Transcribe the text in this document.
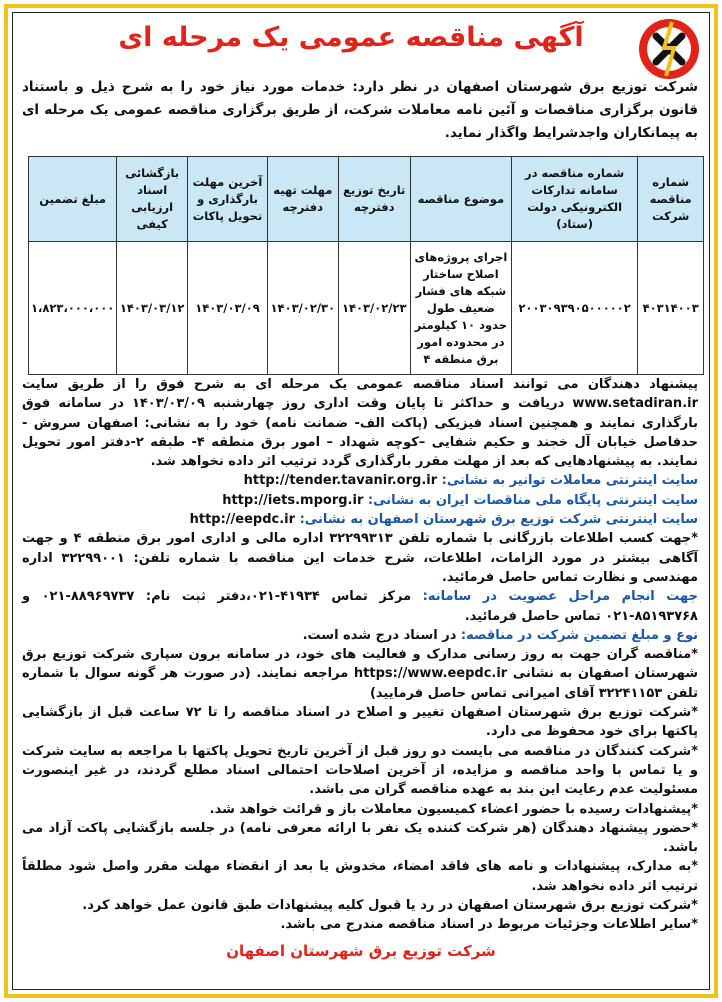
آگهی مناقصه عمومی یک مرحله ای
شرکت توزیع برق شهرستان اصفهان در نظر دارد: خدمات مورد نیاز خود را به شرح ذیل و باستناد قانون برگزاری مناقصات و آئین نامه معاملات شرکت، از طریق برگزاری مناقصه عمومی یک مرحله ای به پیمانکاران واجدشرایط واگذار نماید.
شماره مناقصه شرکت	شماره مناقصه در سامانه تدارکات الکترونیکی دولت (ستاد)	موضوع مناقصه	تاریخ توزیع دفترچه	مهلت تهیه دفترچه	آخرین مهلت بارگذاری و تحویل پاکات	بازگشائی اسناد ارزیابی کیفی	مبلغ تضمین
۴۰۳۱۴۰۰۳	۲۰۰۳۰۹۳۹۰۵۰۰۰۰۰۲	اجرای پروژه‌های اصلاح ساختار شبکه‌ های فشار ضعیف طول حدود ۱۰ کیلومتر در محدوده امور برق منطقه ۴	۱۴۰۳/۰۲/۲۳	۱۴۰۳/۰۲/۳۰	۱۴۰۳/۰۳/۰۹	۱۴۰۳/۰۳/۱۲	۱،۸۲۳،۰۰۰،۰۰۰

پیشنهاد دهندگان می توانند اسناد مناقصه عمومی یک مرحله ای به شرح فوق را از طریق سایت www.setadiran.ir دریافت و حداکثر تا پایان وقت اداری روز چهارشنبه ۱۴۰۳/۰۳/۰۹ در سامانه فوق بارگذاری نمایند و همچنین اسناد فیزیکی (پاکت الف- ضمانت نامه) خود را به نشانی: اصفهان سروش - حدفاصل خیابان آل خجند و حکیم شفایی –کوچه شهداد – امور برق منطقه ۴- طبقه ۲-دفتر امور تحویل نمایند. به پیشنهادهایی که بعد از مهلت مقرر بارگذاری گردد ترتیب اثر داده نخواهد شد.

سایت اینترنتی معاملات توانیر به نشانی: http://tender.tavanir.org.ir

سایت اینترنتی پایگاه ملی مناقصات ایران به نشانی: http://iets.mporg.ir

سایت اینترنتی شرکت توزیع برق شهرستان اصفهان به نشانی: http://eepdc.ir

*جهت کسب اطلاعات بازرگانی با شماره تلفن ۳۲۲۹۹۳۱۳ اداره مالی و اداری امور برق منطقه ۴ و جهت آگاهی بیشتر در مورد الزامات، اطلاعات، شرح خدمات این مناقصه با شماره تلفن: ۳۲۲۹۹۰۰۱ اداره مهندسی و نظارت تماس حاصل فرمائید.

جهت انجام مراحل عضویت در سامانه: مرکز تماس ۴۱۹۳۴-۰۲۱،دفتر ثبت نام: ۸۸۹۶۹۷۳۷-۰۲۱ و ۸۵۱۹۳۷۶۸-۰۲۱ تماس حاصل فرمائید.

نوع و مبلغ تضمین شرکت در مناقصه: در اسناد درج شده است.

*مناقصه گران جهت به روز رسانی مدارک و فعالیت های خود، در سامانه برون سپاری شرکت توزیع برق شهرستان اصفهان به نشانی https://www.eepdc.ir مراجعه نمایند. (در صورت هر گونه سوال با شماره تلفن ۳۲۲۴۱۱۵۳ آقای امیرانی تماس حاصل فرمایید)

*شرکت توزیع برق شهرستان اصفهان تغییر و اصلاح در اسناد مناقصه را تا ۷۲ ساعت قبل از بازگشایی پاکتها برای خود محفوظ می دارد.

*شرکت کنندگان در مناقصه می بایست دو روز قبل از آخرین تاریخ تحویل پاکتها با مراجعه به سایت شرکت و یا تماس با واحد مناقصه و مزایده، از آخرین اصلاحات احتمالی اسناد مطلع گردند، در غیر اینصورت مسئولیت عدم رعایت این بند به عهده مناقصه گران می باشد.

*پیشنهادات رسیده با حضور اعضاء کمیسیون معاملات باز و قرائت خواهد شد.

*حضور پیشنهاد دهندگان (هر شرکت کننده یک نفر با ارائه معرفی نامه) در جلسه بازگشایی پاکت آزاد می باشد.

*به مدارک، پیشنهادات و نامه های فاقد امضاء، مخدوش یا بعد از انقضاء مهلت مقرر واصل شود مطلقاً ترتیب اثر داده نخواهد شد.

*شرکت توزیع برق شهرستان اصفهان در رد یا قبول کلیه پیشنهادات طبق قانون عمل خواهد کرد.

*سایر اطلاعات وجزئیات مربوط در اسناد مناقصه مندرج می باشد.

شرکت توزیع برق شهرستان اصفهان
